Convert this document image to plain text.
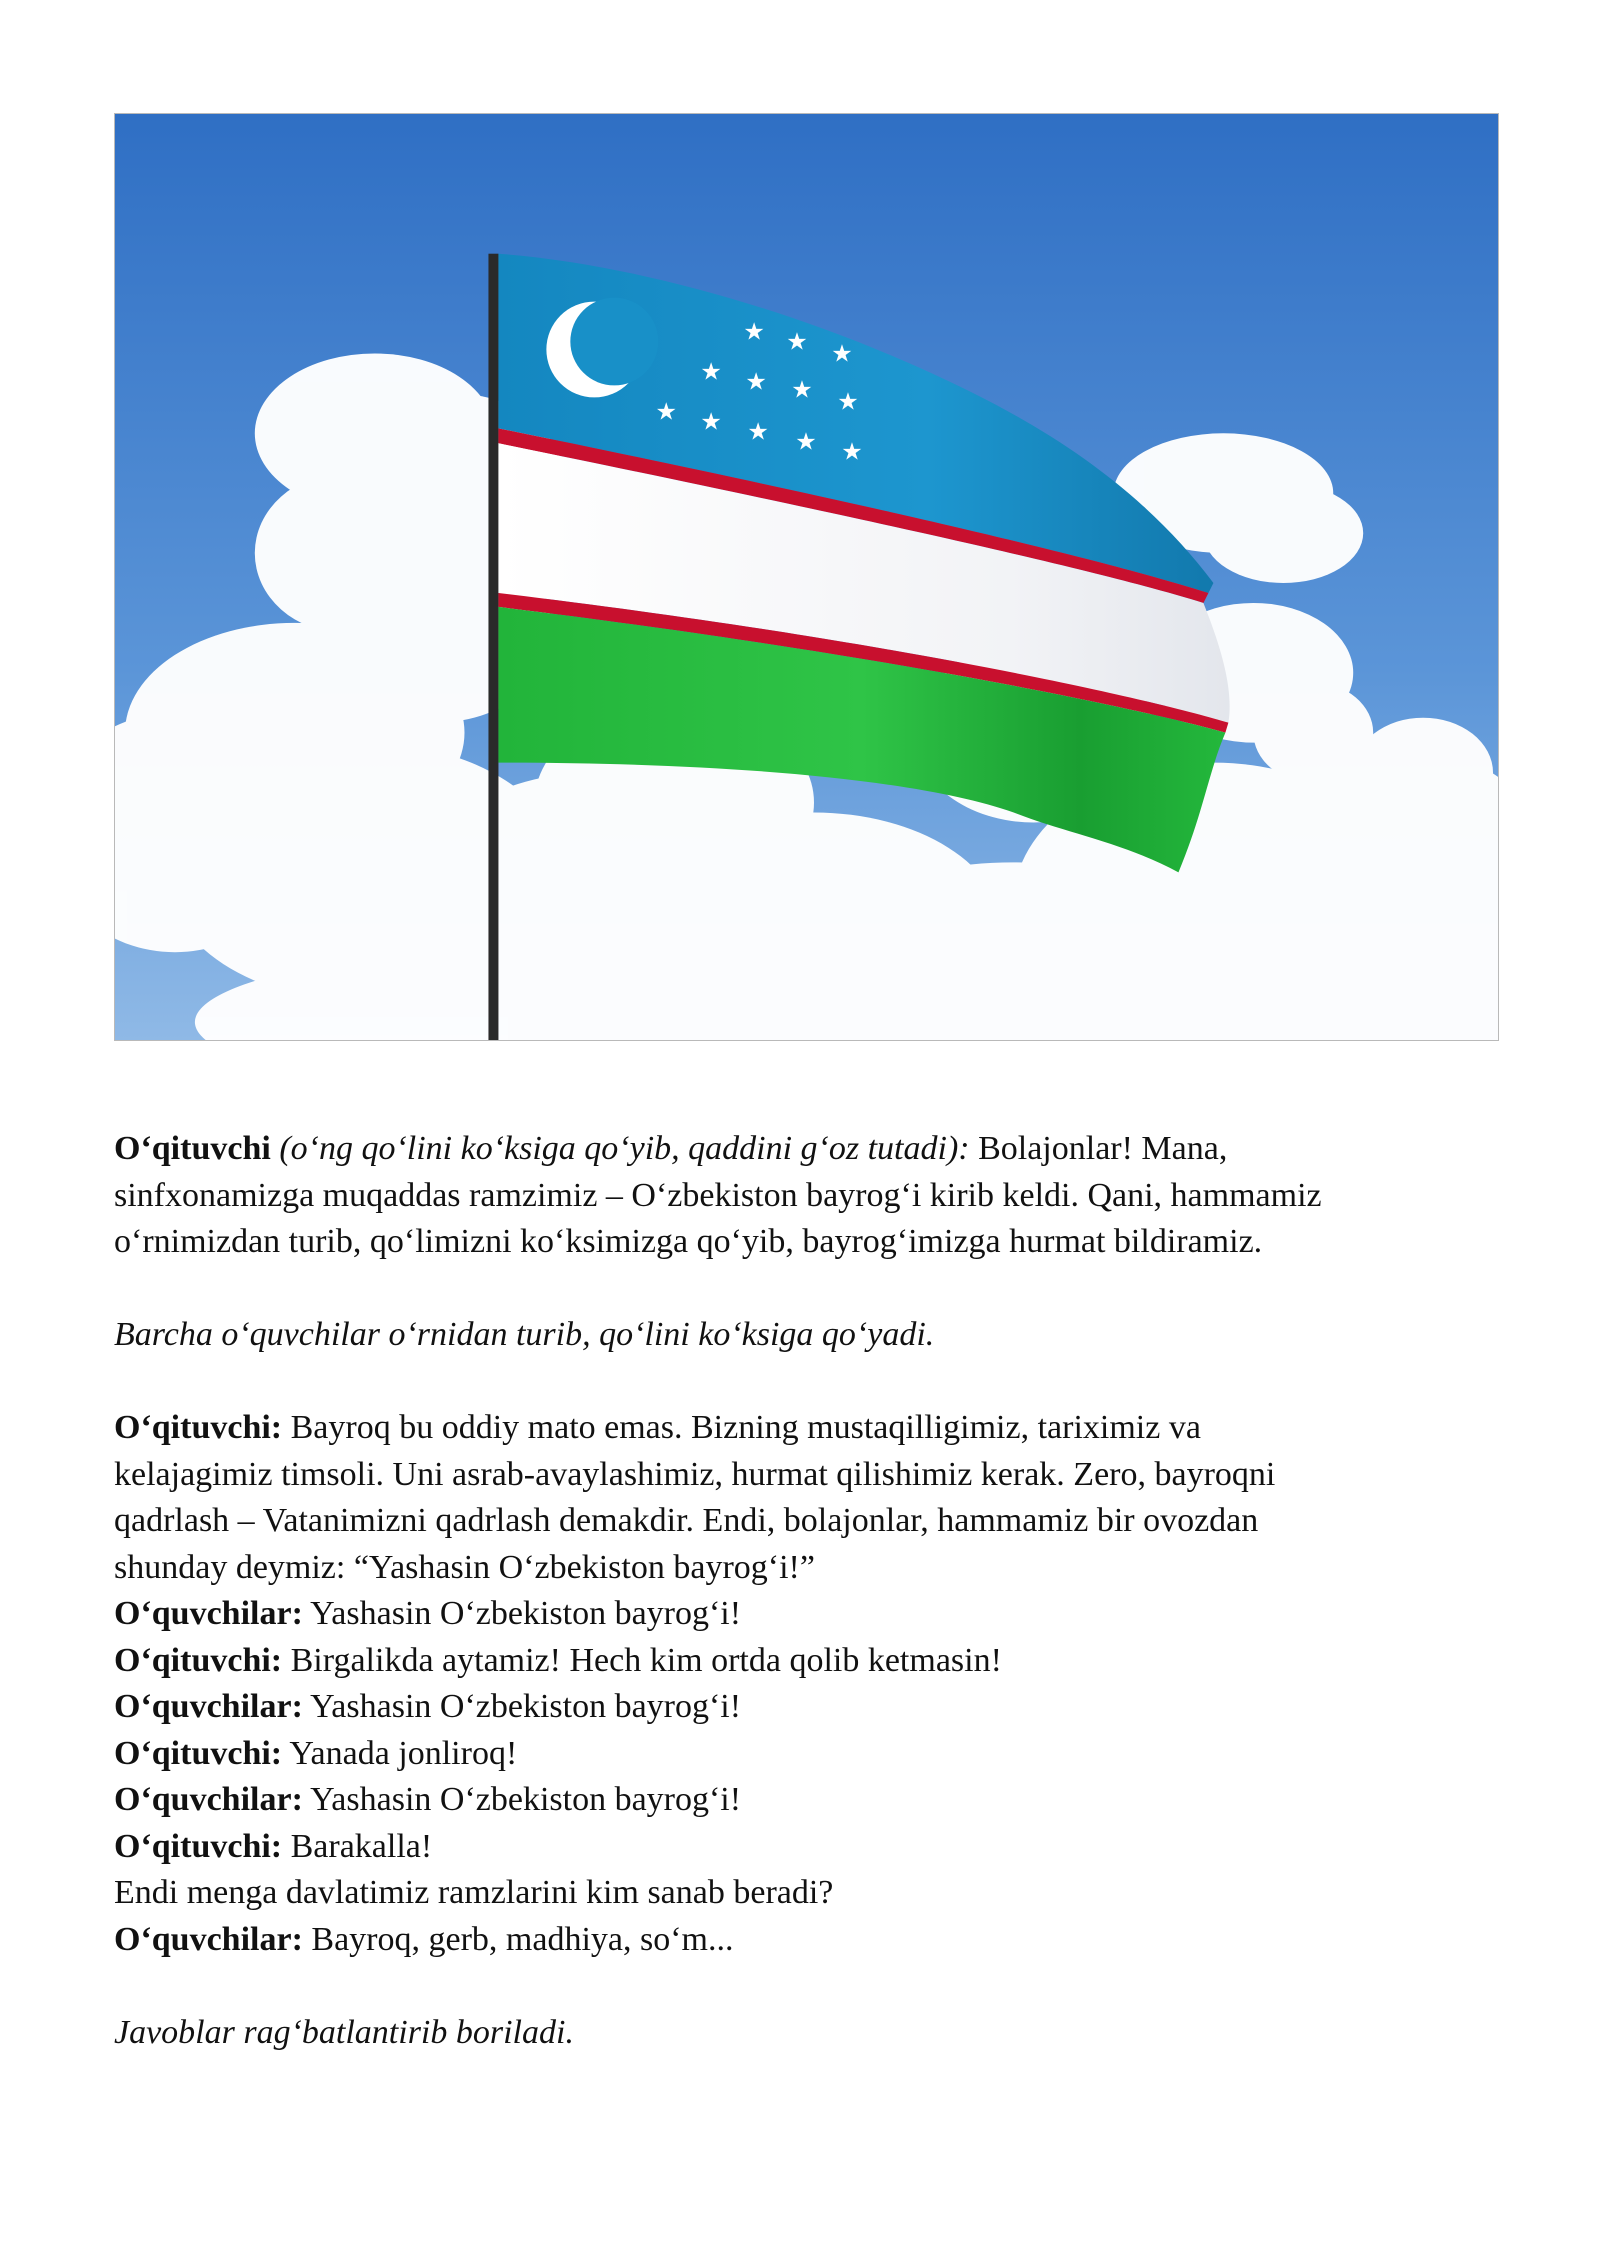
★ ★ ★
★ ★ ★ ★
★ ★ ★ ★ ★

O‘qituvchi (o‘ng qo‘lini ko‘ksiga qo‘yib, qaddini g‘oz tutadi): Bolajonlar! Mana,
sinfxonamizga muqaddas ramzimiz – O‘zbekiston bayrog‘i kirib keldi. Qani, hammamiz
o‘rnimizdan turib, qo‘limizni ko‘ksimizga qo‘yib, bayrog‘imizga hurmat bildiramiz.

Barcha o‘quvchilar o‘rnidan turib, qo‘lini ko‘ksiga qo‘yadi.

O‘qituvchi: Bayroq bu oddiy mato emas. Bizning mustaqilligimiz, tariximiz va
kelajagimiz timsoli. Uni asrab-avaylashimiz, hurmat qilishimiz kerak. Zero, bayroqni
qadrlash – Vatanimizni qadrlash demakdir. Endi, bolajonlar, hammamiz bir ovozdan
shunday deymiz: “Yashasin O‘zbekiston bayrog‘i!”

O‘quvchilar: Yashasin O‘zbekiston bayrog‘i!

O‘qituvchi: Birgalikda aytamiz! Hech kim ortda qolib ketmasin!

O‘quvchilar: Yashasin O‘zbekiston bayrog‘i!

O‘qituvchi: Yanada jonliroq!

O‘quvchilar: Yashasin O‘zbekiston bayrog‘i!

O‘qituvchi: Barakalla!

Endi menga davlatimiz ramzlarini kim sanab beradi?

O‘quvchilar: Bayroq, gerb, madhiya, so‘m...

Javoblar rag‘batlantirib boriladi.
